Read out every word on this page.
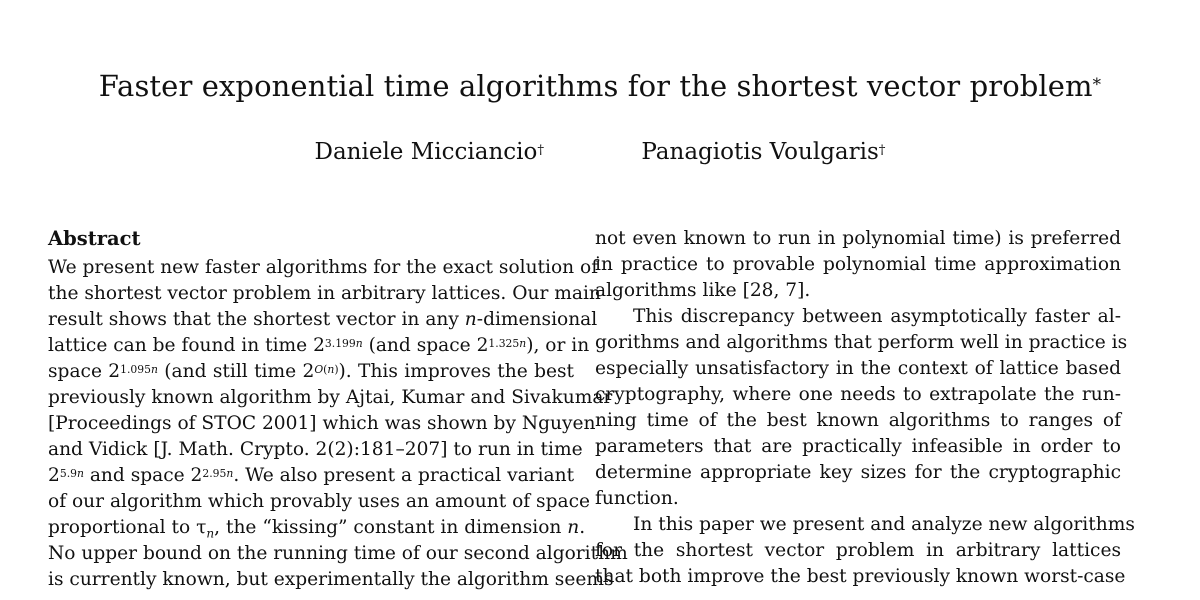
Faster exponential time algorithms for the shortest vector problem*
Daniele Micciancio†	Panagiotis Voulgaris†
Abstract
We present new faster algorithms for the exact solution of
the shortest vector problem in arbitrary lattices. Our main
result shows that the shortest vector in any n-dimensional
lattice can be found in time $2^{3.199n}$ (and space $2^{1.325n}$), or in
space $2^{1.095n}$ (and still time $2^{O(n)}$). This improves the best
previously known algorithm by Ajtai, Kumar and Sivakumar
[Proceedings of STOC 2001] which was shown by Nguyen
and Vidick [J. Math. Crypto. 2(2):181–207] to run in time
$2^{5.9n}$ and space $2^{2.95n}$. We also present a practical variant
of our algorithm which provably uses an amount of space
proportional to $\tau_n$, the “kissing” constant in dimension n.
No upper bound on the running time of our second algorithm
is currently known, but experimentally the algorithm seems
not even known to run in polynomial time) is preferred
in practice to provable polynomial time approximation
algorithms like [28, 7].
This discrepancy between asymptotically faster al-
gorithms and algorithms that perform well in practice is
especially unsatisfactory in the context of lattice based
cryptography, where one needs to extrapolate the run-
ning time of the best known algorithms to ranges of
parameters that are practically infeasible in order to
determine appropriate key sizes for the cryptographic
function.
In this paper we present and analyze new algorithms
for the shortest vector problem in arbitrary lattices
that both improve the best previously known worst-case
